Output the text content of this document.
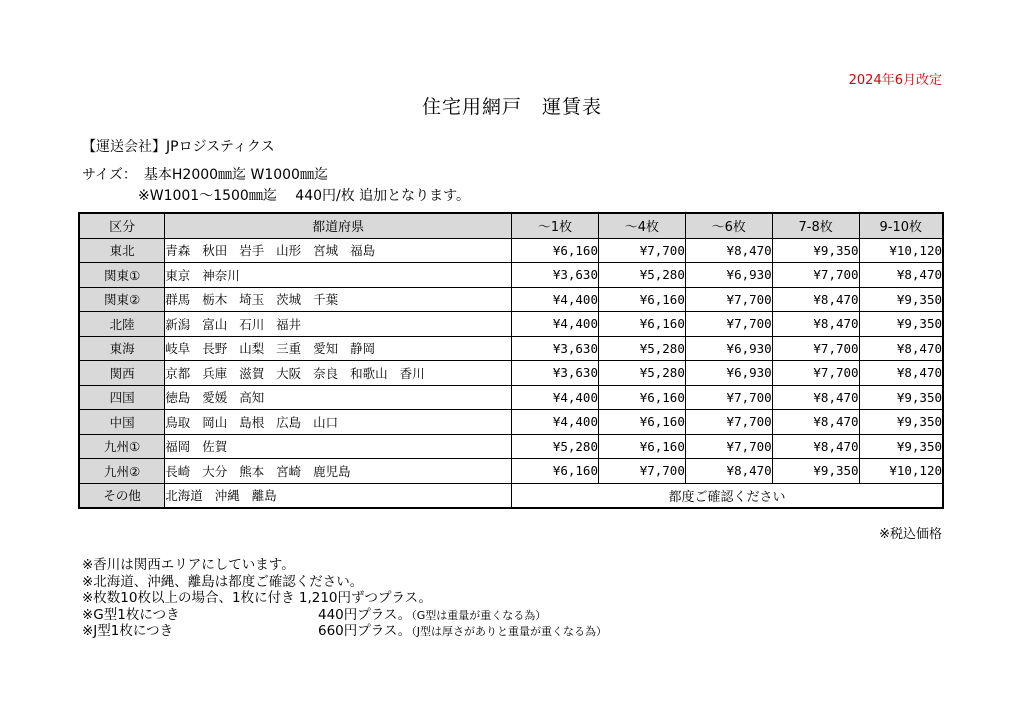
2024年6月改定
住宅用網戸　運賃表
【運送会社】JPロジスティクス
サイズ：　基本H2000㎜迄 W1000㎜迄
※W1001～1500㎜迄　 440円/枚 追加となります。
区分	都道府県	～1枚	～4枚	～6枚	7-8枚	9-10枚
東北	青森 秋田 岩手 山形 宮城 福島	¥6,160	¥7,700	¥8,470	¥9,350	¥10,120
関東①	東京 神奈川	¥3,630	¥5,280	¥6,930	¥7,700	¥8,470
関東②	群馬 栃木 埼玉 茨城 千葉	¥4,400	¥6,160	¥7,700	¥8,470	¥9,350
北陸	新潟 富山 石川 福井	¥4,400	¥6,160	¥7,700	¥8,470	¥9,350
東海	岐阜 長野 山梨 三重 愛知 静岡	¥3,630	¥5,280	¥6,930	¥7,700	¥8,470
関西	京都 兵庫 滋賀 大阪 奈良 和歌山 香川	¥3,630	¥5,280	¥6,930	¥7,700	¥8,470
四国	徳島 愛媛 高知	¥4,400	¥6,160	¥7,700	¥8,470	¥9,350
中国	鳥取 岡山 島根 広島 山口	¥4,400	¥6,160	¥7,700	¥8,470	¥9,350
九州①	福岡 佐賀	¥5,280	¥6,160	¥7,700	¥8,470	¥9,350
九州②	長崎 大分 熊本 宮崎 鹿児島	¥6,160	¥7,700	¥8,470	¥9,350	¥10,120
その他	北海道 沖縄 離島	都度ご確認ください				
※税込価格
※香川は関西エリアにしています。
※北海道、沖縄、離島は都度ご確認ください。
※枚数10枚以上の場合、1枚に付き 1,210円ずつプラス。
※G型1枚につき	440円プラス。（G型は重量が重くなる為）
※J型1枚につき	660円プラス。（J型は厚さがありと重量が重くなる為）
